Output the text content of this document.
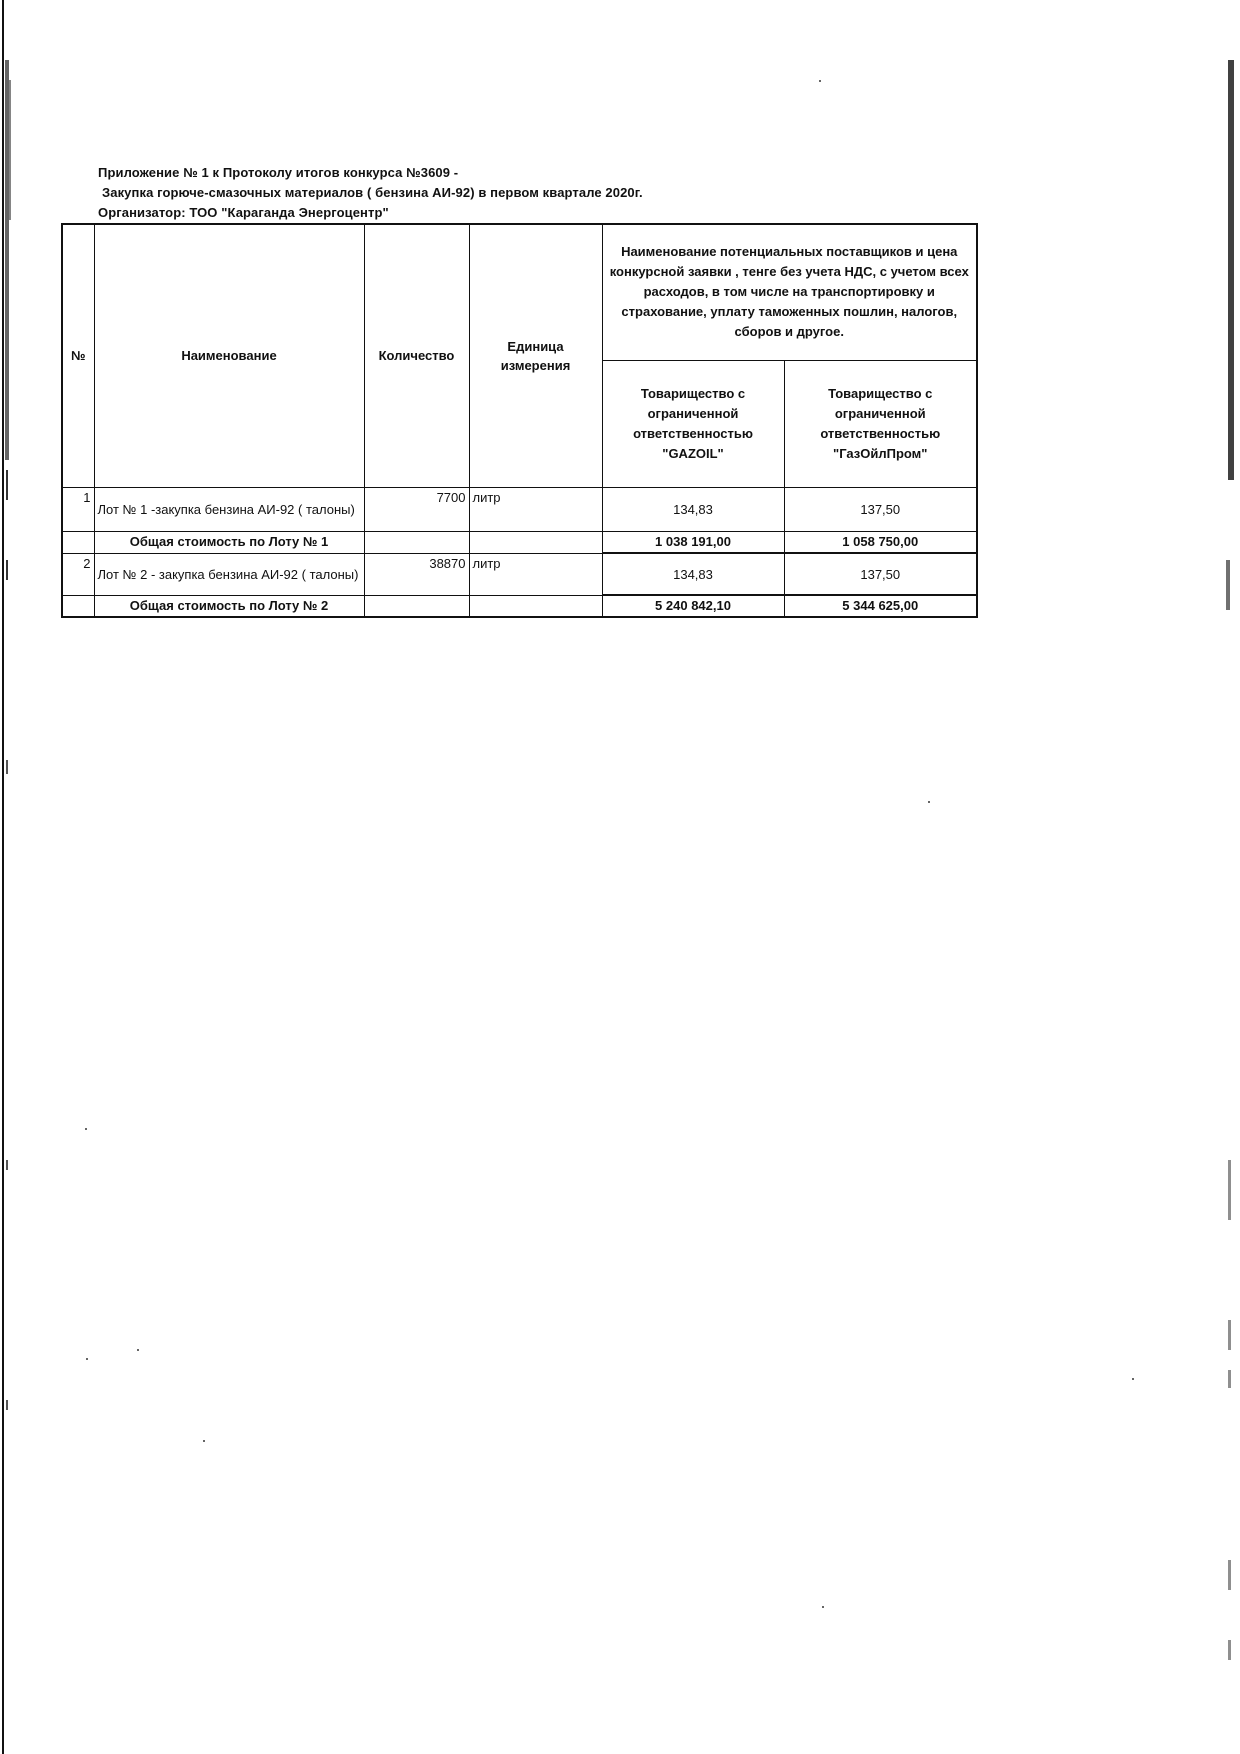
Приложение № 1 к Протоколу итогов конкурса №3609 -
Закупка горюче-смазочных материалов ( бензина АИ-92) в первом квартале 2020г.
Организатор: ТОО "Караганда Энергоцентр"
№	Наименование	Количество	Единица измерения	Наименование потенциальных поставщиков и цена конкурсной заявки , тенге без учета НДС, с учетом всех расходов, в том числе на транспортировку и страхование, уплату таможенных пошлин, налогов, сборов и другое.	
				Товарищество с ограниченной ответственностью "GAZOIL"	Товарищество с ограниченной ответственностью "ГазОйлПром"
1	Лот № 1 -закупка бензина АИ-92 ( талоны)	7700	литр	134,83	137,50
	Общая стоимость по Лоту № 1			1 038 191,00	1 058 750,00
2	Лот № 2 - закупка бензина АИ-92 ( талоны)	38870	литр	134,83	137,50
	Общая стоимость по Лоту № 2			5 240 842,10	5 344 625,00
